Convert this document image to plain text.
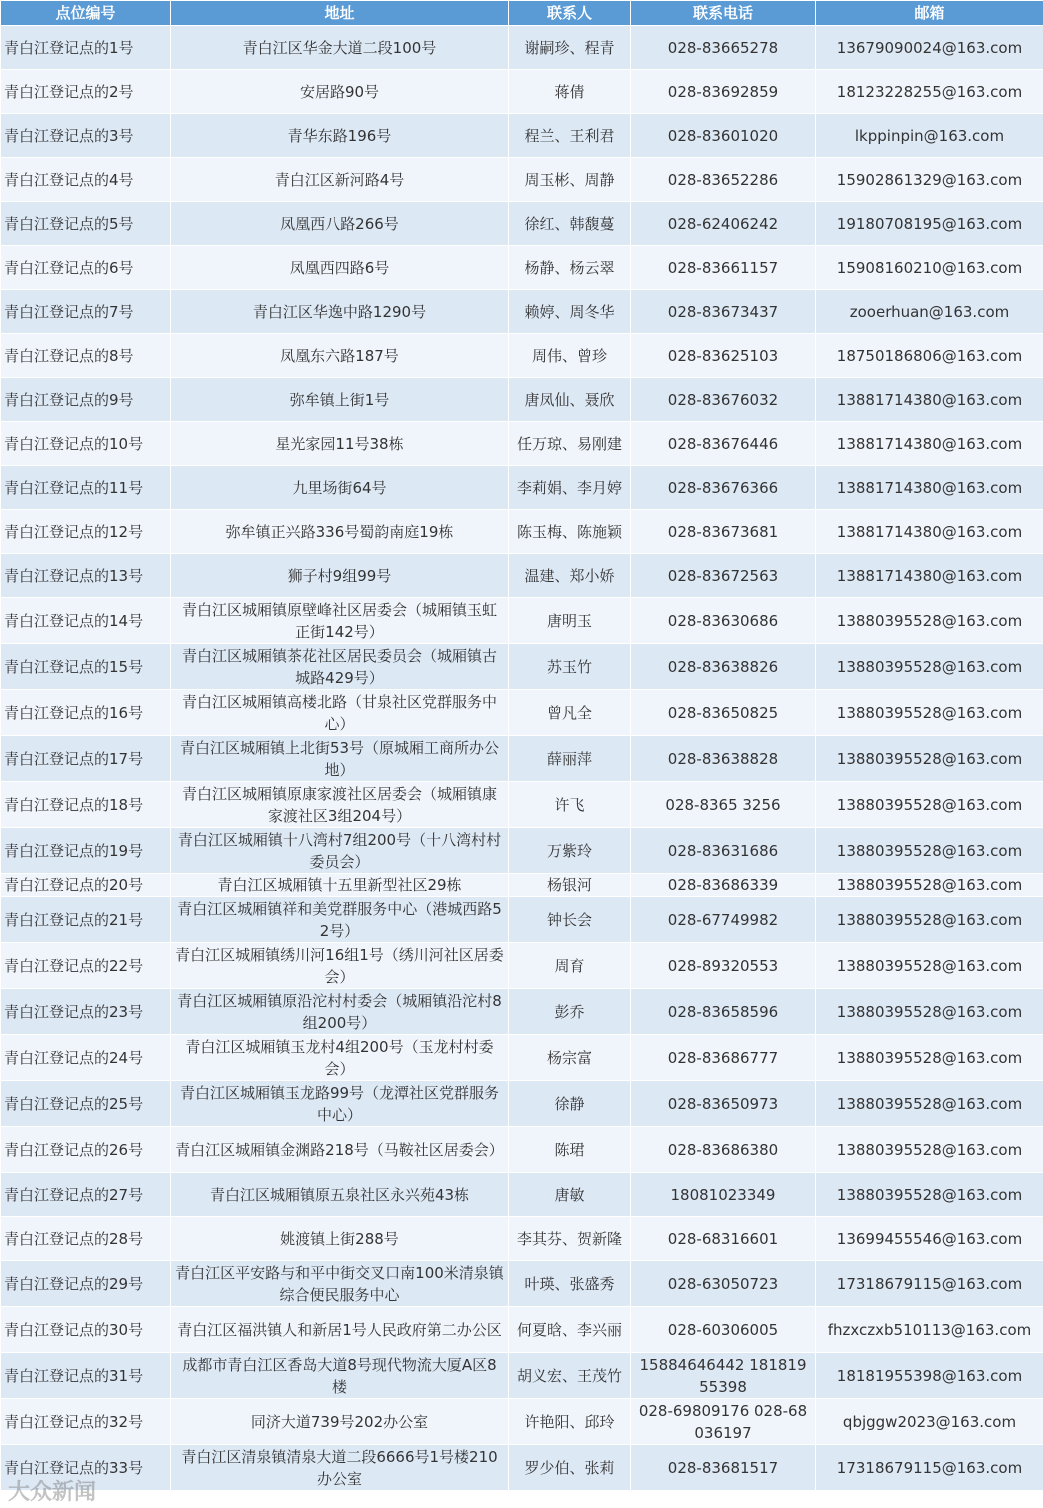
点位编号	地址	联系人	联系电话	邮箱
青白江登记点的1号	青白江区华金大道二段100号	谢嗣珍、程青	028-83665278	13679090024@163.com
青白江登记点的2号	安居路90号	蒋倩	028-83692859	18123228255@163.com
青白江登记点的3号	青华东路196号	程兰、王利君	028-83601020	lkppinpin@163.com
青白江登记点的4号	青白江区新河路4号	周玉彬、周静	028-83652286	15902861329@163.com
青白江登记点的5号	凤凰西八路266号	徐红、韩馥蔓	028-62406242	19180708195@163.com
青白江登记点的6号	凤凰西四路6号	杨静、杨云翠	028-83661157	15908160210@163.com
青白江登记点的7号	青白江区华逸中路1290号	赖婷、周冬华	028-83673437	zooerhuan@163.com
青白江登记点的8号	凤凰东六路187号	周伟、曾珍	028-83625103	18750186806@163.com
青白江登记点的9号	弥牟镇上街1号	唐凤仙、聂欣	028-83676032	13881714380@163.com
青白江登记点的10号	星光家园11号38栋	任万琼、易刚建	028-83676446	13881714380@163.com
青白江登记点的11号	九里场街64号	李莉娟、李月婷	028-83676366	13881714380@163.com
青白江登记点的12号	弥牟镇正兴路336号蜀韵南庭19栋	陈玉梅、陈施颖	028-83673681	13881714380@163.com
青白江登记点的13号	狮子村9组99号	温建、郑小娇	028-83672563	13881714380@163.com
青白江登记点的14号	青白江区城厢镇原壁峰社区居委会（城厢镇玉虹正街142号）	唐明玉	028-83630686	13880395528@163.com
青白江登记点的15号	青白江区城厢镇茶花社区居民委员会（城厢镇古城路429号）	苏玉竹	028-83638826	13880395528@163.com
青白江登记点的16号	青白江区城厢镇高楼北路（甘泉社区党群服务中心）	曾凡全	028-83650825	13880395528@163.com
青白江登记点的17号	青白江区城厢镇上北街53号（原城厢工商所办公地）	薛丽萍	028-83638828	13880395528@163.com
青白江登记点的18号	青白江区城厢镇原康家渡社区居委会（城厢镇康家渡社区3组204号）	许飞	028-8365 3256	13880395528@163.com
青白江登记点的19号	青白江区城厢镇十八湾村7组200号（十八湾村村委员会）	万紫玲	028-83631686	13880395528@163.com
青白江登记点的20号	青白江区城厢镇十五里新型社区29栋	杨银河	028-83686339	13880395528@163.com
青白江登记点的21号	青白江区城厢镇祥和美党群服务中心（港城西路52号）	钟长会	028-67749982	13880395528@163.com
青白江登记点的22号	青白江区城厢镇绣川河16组1号（绣川河社区居委会）	周育	028-89320553	13880395528@163.com
青白江登记点的23号	青白江区城厢镇原沿沱村村委会（城厢镇沿沱村8组200号）	彭乔	028-83658596	13880395528@163.com
青白江登记点的24号	青白江区城厢镇玉龙村4组200号（玉龙村村委会）	杨宗富	028-83686777	13880395528@163.com
青白江登记点的25号	青白江区城厢镇玉龙路99号（龙潭社区党群服务中心）	徐静	028-83650973	13880395528@163.com
青白江登记点的26号	青白江区城厢镇金渊路218号（马鞍社区居委会）	陈珺	028-83686380	13880395528@163.com
青白江登记点的27号	青白江区城厢镇原五泉社区永兴苑43栋	唐敏	18081023349	13880395528@163.com
青白江登记点的28号	姚渡镇上街288号	李其芬、贺新隆	028-68316601	13699455546@163.com
青白江登记点的29号	青白江区平安路与和平中街交叉口南100米清泉镇综合便民服务中心	叶瑛、张盛秀	028-63050723	17318679115@163.com
青白江登记点的30号	青白江区福洪镇人和新居1号人民政府第二办公区	何夏晗、李兴丽	028-60306005	fhzxczxb510113@163.com
青白江登记点的31号	成都市青白江区香岛大道8号现代物流大厦A区8楼	胡义宏、王茂竹	15884646442 18181955398	18181955398@163.com
青白江登记点的32号	同济大道739号202办公室	许艳阳、邱玲	028-69809176 028-68036197	qbjggw2023@163.com
青白江登记点的33号	青白江区清泉镇清泉大道二段6666号1号楼210办公室	罗少伯、张莉	028-83681517	17318679115@163.com
大众新闻
